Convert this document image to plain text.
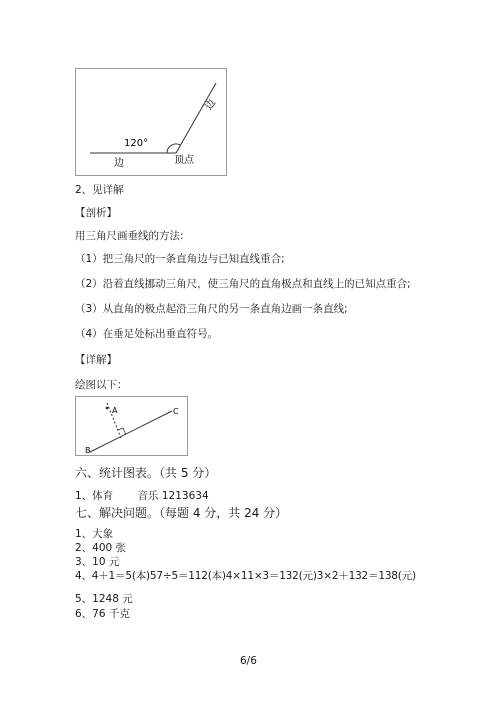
120°
边
边
顶点
2、见详解
【剖析】
用三角尺画垂线的方法:
（1）把三角尺的一条直角边与已知直线重合;
（2）沿着直线挪动三角尺，使三角尺的直角极点和直线上的已知点重合;
（3）从直角的极点起沿三角尺的另一条直角边画一条直线;
（4）在垂足处标出垂直符号。
【详解】
绘图以下：
A
B
C
六、统计图表。（共 5 分）
1、体育　　 音乐 1213634
七、解决问题。（每题 4 分，共 24 分）
1、大象
2、400 张
3、10 元
4、4＋1＝5(本)57÷5＝112(本)4×11×3＝132(元)3×2＋132＝138(元)
5、1248 元
6、76 千克
6/6
